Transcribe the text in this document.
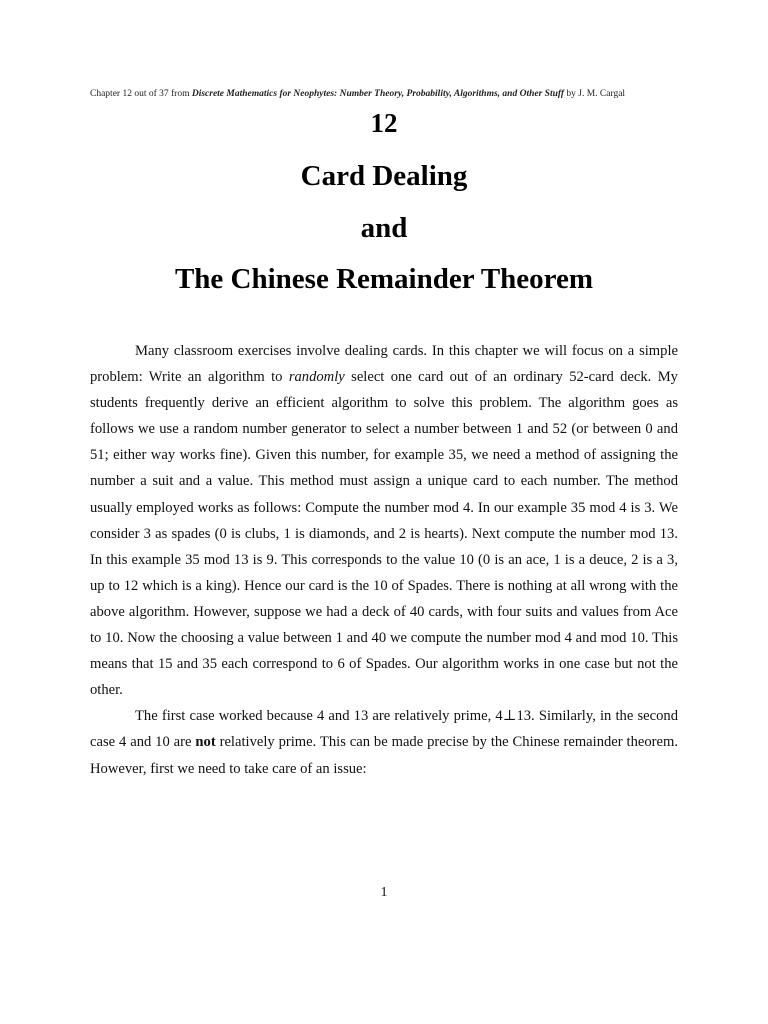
Chapter 12 out of 37 from Discrete Mathematics for Neophytes: Number Theory, Probability, Algorithms, and Other Stuff by J. M. Cargal
12
Card Dealing
and
The Chinese Remainder Theorem

Many classroom exercises involve dealing cards. In this chapter we will focus on a simple problem: Write an algorithm to randomly select one card out of an ordinary 52-card deck. My students frequently derive an efficient algorithm to solve this problem. The algorithm goes as follows we use a random number generator to select a number between 1 and 52 (or between 0 and 51; either way works fine). Given this number, for example 35, we need a method of assigning the number a suit and a value. This method must assign a unique card to each number. The method usually employed works as follows: Compute the number mod 4. In our example 35 mod 4 is 3. We consider 3 as spades (0 is clubs, 1 is diamonds, and 2 is hearts). Next compute the number mod 13. In this example 35 mod 13 is 9. This corresponds to the value 10 (0 is an ace, 1 is a deuce, 2 is a 3, up to 12 which is a king). Hence our card is the 10 of Spades. There is nothing at all wrong with the above algorithm. However, suppose we had a deck of 40 cards, with four suits and values from Ace to 10. Now the choosing a value between 1 and 40 we compute the number mod 4 and mod 10. This means that 15 and 35 each correspond to 6 of Spades. Our algorithm works in one case but not the other.

The first case worked because 4 and 13 are relatively prime, 4⊥13. Similarly, in the second case 4 and 10 are not relatively prime. This can be made precise by the Chinese remainder theorem. However, first we need to take care of an issue:

1
